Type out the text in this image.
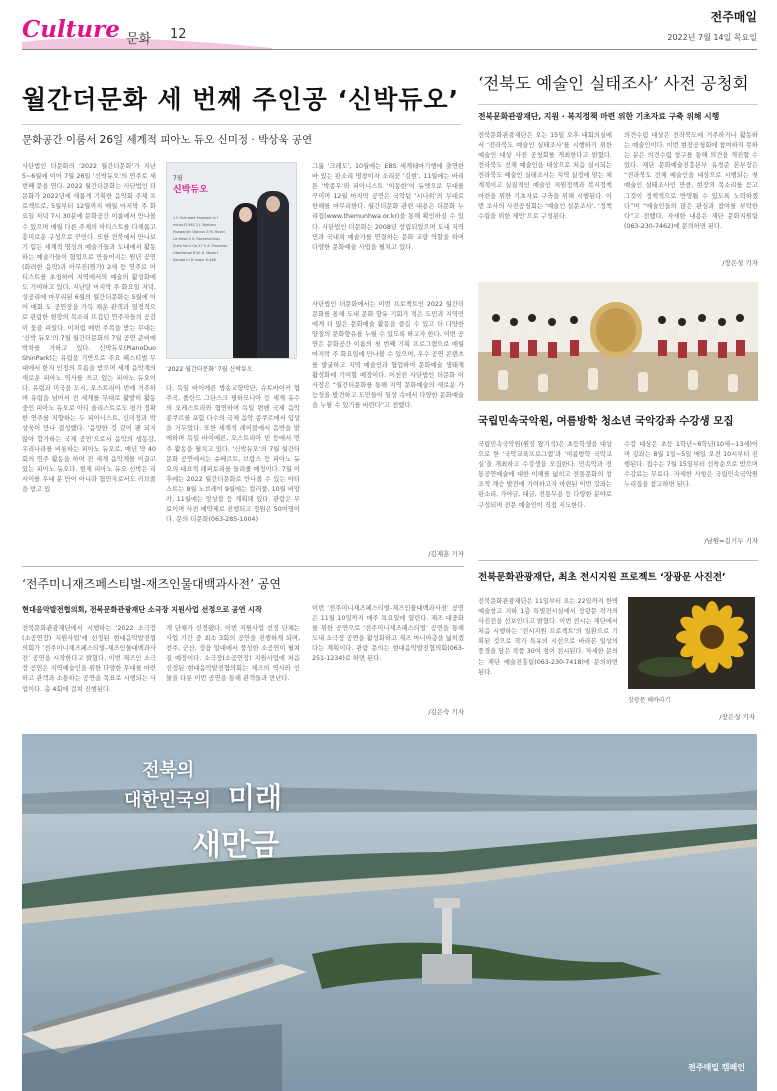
Culture 문화 12
전주매일
2022년 7월 14일 목요일
월간더문화 세 번째 주인공 ‘신박듀오’
문화공간 이룸서 26일 세계적 피아노 듀오 신미정 · 박상욱 공연

사단법인 더문화의 ‘2022 월간더문화’가 지난 5~6월에 이어 7월 26일 ‘신박듀오’의 연주로 세 번째 문을 연다. 2022 월간더문화는 사단법인 더문화가 2022년에 새롭게 기획한 음악회 주제 프로젝트로, 5월부터 12월까지 매월 마지막 주 화요일 저녁 7시 30분에 문화공간 이룸에서 만나볼 수 있으며 매월 다른 주제의 아티스트를 다채롭고 흥미로운 구성으로 꾸민다. 또한 전북에서 만나보기 힘든 세계적 명성의 예술가들과 도내에서 활동하는 예술가들이 협업으로 만들어지는 원년 공연(화려한 음악)과 아무진(뭔가) 2세 등 연주로 아티스트를 초청하여 지역에서의 예술의 활성화에도 기여하고 있다. 지난달 마지막 주 화요일 저녁, 성공리에 마무리된 6월의 월간더문화는 5월에 이어 매회 도 공연장을 가득 채운 관객과 열정적으로 관람한 현장의 목소리 뜨겁던 연주자들의 공감이 꽃을 피웠다. 이처럼 매번 주목을 받는 무대는 ‘신박 듀오’의 7월 월간더문화의 7월 공연 준비에 박차를 가하고 있다. 신박듀오(PianoDuo ShinPark)는 유럽을 기반으로 주요 페스티벌 무대에서 한지 인정의 흐름을 받으며 세계 음악계의 새로운 피아노 역사를 쓰고 있는 피아노 듀오이다. 유럽과 미국을 도시, 오스트리아 빈에 거주하며 유럽을 넘어서 전 세계를 무대로 활발히 활동 중인 피아노 듀오로 아티 솔리스트로도 평가 정확한 연주를 지향하는 두 피아니스트, 신미정과 박상욱이 만나 결성했다. ‘음양한 것 같이 팬 되지 않아 합가하는 국제 공연’으로서 음악의 생동감, 우리나라를 비롯하는 피아노 듀오로, 매년 약 40회의 연주 활동을 하며 전 세계 음악계를 이끌고 있는 피아노 듀오다. 현재 피아노 듀오 신박은 리서이를 우대 분 만이 아니라 협연자로서도 러브콜을 받고 있

7월
신박듀오
1 F. Schubert Fantasie in f minor D.940 2 J. Brahms Hungarian Dances 3 M. Ravel La Valse 4 S. Rachmaninov Suite No.2 Op.17 5 A. Piazzolla Libertango 6 W. A. Mozart Sonata in D major K.448
‘2022 월간더문화’ 7월 신박듀오

다. 독일 바이에른 방송교향악단, 슈트바이커 협주곡, 폴란드 그단스크 필하모니아 등 세계 유수의 오케스트라와 협연하며 독일 뮌헨 국제 음악 콩쿠르를 포함 다수의 국제 음악 콩쿠르에서 입상을 거두었다. 또한 세계적 레이블에서 음반을 발매하며 독일 바이에른, 오스트리아 빈 등에서 연주 활동을 펼치고 있다. ‘신박듀오’의 7월 월간더문화 공연에서는 슈베르트, 브람스 등 피아노 듀오의 대표적 레퍼토리를 들려줄 예정이다. 7월 이후에는 2022 월간더문화로 만나볼 수 있는 아티스트는 8월 노브레이 9월에는 컬러풀, 10월 비앙카, 11월에는 앙상블 등 계획돼 있다. 관람은 무료이며 사전 예약제로 진행되고 정원은 50여명이다. 문의 더문화(063-285-1004)

그룹 ‘크레도’, 10월에는 EBS 세계테마기행에 출연한 바 있는 판소리 명창이자 소리꾼 ‘김현’, 11월에는 바리톤 ‘박종우’와 피아니스트 ‘이동한’이 듀엣으로 무대를 꾸미며 12월 마지막 공연은 국악팀 ‘시나위’의 무대로 한해를 마무리한다. 월간더문화 관련 내용은 더문화 누리집(www.themunhwa.or.kr)을 통해 확인하실 수 있다. 사단법인 더문화는 2008년 창립되었으며 도내 지역민과 국내외 예술가를 연결하는 문화 교량 역할을 하며 다양한 문화예술 사업을 펼치고 있다.

사단법인 더문화에서는 이번 프로젝트인 2022 월간더문화를 통해 도내 문화 향유 기회가 적은 도민과 지역민에게 더 많은 문화예술 활동을 즐길 수 있고 더 다양한 양질의 문화향유를 누릴 수 있도록 하고자 한다. 이번 공연은 문화공간 이룸의 첫 번째 기획 프로그램으로 매월 마지막 주 화요일에 만나볼 수 있으며, 우수 공연 콘텐츠를 발굴하고 지역 예술인과 협업하여 문화예술 생태계 활성화에 기여할 예정이다. 이천진 사단법인 더문화 이사장은 “월간더문화를 통해 지역 문화예술의 새로운 가능성을 발견하고 도민들이 일상 속에서 다양한 문화예술을 누릴 수 있기를 바란다”고 전했다.

/김재훈 기자
‘전북도 예술인 실태조사’ 사전 공청회
전북문화관광재단, 지원 · 복지정책 마련 위한 기초자료 구축 위해 시행

전북문화관광재단은 오는 15일 오후 대회의실에서 ‘전라북도 예술인 실태조사’를 시행하기 위한 예술인 대상 사전 공청회를 개최한다고 밝혔다. 전라북도 전체 예술인을 대상으로 처음 실시되는 전라북도 예술인 실태조사는 지역 실정에 맞는 체계적이고 실질적인 예술인 지원정책과 복지정책 마련을 위한 기초자료 구축을 위해 시행된다. 이번 조사의 사전공청회는 ‘예술인 설문조사’, ‘정책 수립을 위한 제언’으로 구성된다.

의견수렴 대상은 전라북도에 거주하거나 활동하는 예술인이다. 이번 현장공청회에 참여하지 못하는 분은 의견수렴 창구를 통해 의견을 개진할 수 있다. 재단 문화예술진흥본부 유경준 본부장은 “전라북도 전체 예술인을 대상으로 시행되는 첫 예술인 실태조사인 만큼, 현장의 목소리를 듣고 그것이 정책적으로 반영될 수 있도록 노력하겠다”며 “예술인들의 많은 관심과 참여를 부탁한다”고 전했다. 자세한 내용은 재단 문화지원팀(063-230-7462)에 문의하면 된다.

/장은성 기자
국립민속국악원, 여름방학 청소년 국악강좌 수강생 모집

국립민속국악원(원장 왕기석)은 초등학생을 대상으로 한 ‘국악교육프로그램’과 ‘여름방학 국악교실’을 개최하고 수강생을 모집한다. 민속악과 전통공연예술에 대한 이해를 넓히고 전통문화의 창조적 계승 발전에 기여하고자 마련된 이번 강좌는 판소리, 가야금, 대금, 전통무용 등 다양한 분야로 구성되며 전문 예술인이 직접 지도한다.

수강 대상은 초등 1학년~6학년(10세~13세)이며 강좌는 8월 1일~5일 매일 오전 10시부터 진행된다. 접수는 7월 15일부터 선착순으로 받으며 수강료는 무료다. 자세한 사항은 국립민속국악원 누리집을 참고하면 된다.

/남원=김기두 기자
전북문화관광재단, 최초 전시지원 프로젝트 ‘장광문 사진전’

전북문화관광재단은 11일부터 오는 22일까지 한벽예술창고 지하 1층 특별전시실에서 장광문 작가의 사진전을 선보인다고 밝혔다. 이번 전시는 재단에서 처음 시행하는 ‘전시지원 프로젝트’의 일환으로 기획된 것으로 작가 특유의 시선으로 바라본 일상의 풍경을 담은 작품 30여 점이 전시된다. 자세한 문의는 재단 예술진흥팀(063-230-7418)에 문의하면 된다.

장광문 해바라기
/장은성 기자
‘전주미니재즈페스티벌-재즈인물대백과사전’ 공연
현대음악발전협의회, 전북문화관광재단 소극장 지원사업 선정으로 공연 시작

전북문화관광재단에서 시행하는 ‘2022 소극장(소공연장) 지원사업’에 선정된 현대음악발전협의회가 ‘전주미니재즈페스티벌-재즈인물대백과사전’ 공연을 시작한다고 밝혔다. 이번 재즈인 소극장 공연은 지역예술인을 위한 다양한 무대를 마련하고 관객과 소통하는 공연을 목표로 시행되는 사업이다. 총 4회에 걸쳐 진행된다.

개 단체가 선정됐다. 이번 지원사업 선정 단체는 사업 기간 중 최소 3회의 공연을 진행하게 되며, 전주, 군산, 정읍 일대에서 풍성한 소공연이 펼쳐질 예정이다. 소극장(소공연장) 지원사업에 처음 선정된 현대음악발전협의회는 재즈의 역사와 인물을 다룬 이번 공연을 통해 관객들과 만난다.

이번 ‘전주미니재즈페스티벌-재즈인물대백과사전’ 공연은 11월 10일까지 매주 목요일에 열린다. 재즈 대중화를 위한 공연으로 ‘전주미니재즈페스티벌’ 공연을 통해 도내 소극장 공연을 활성화하고 재즈 마니아층을 넓히겠다는 계획이다. 관람 문의는 현대음악발전협의회(063-251-1234)로 하면 된다.

/김은숙 기자
전북의
대한민국의 미래
새만금
전주매일 캠페인
